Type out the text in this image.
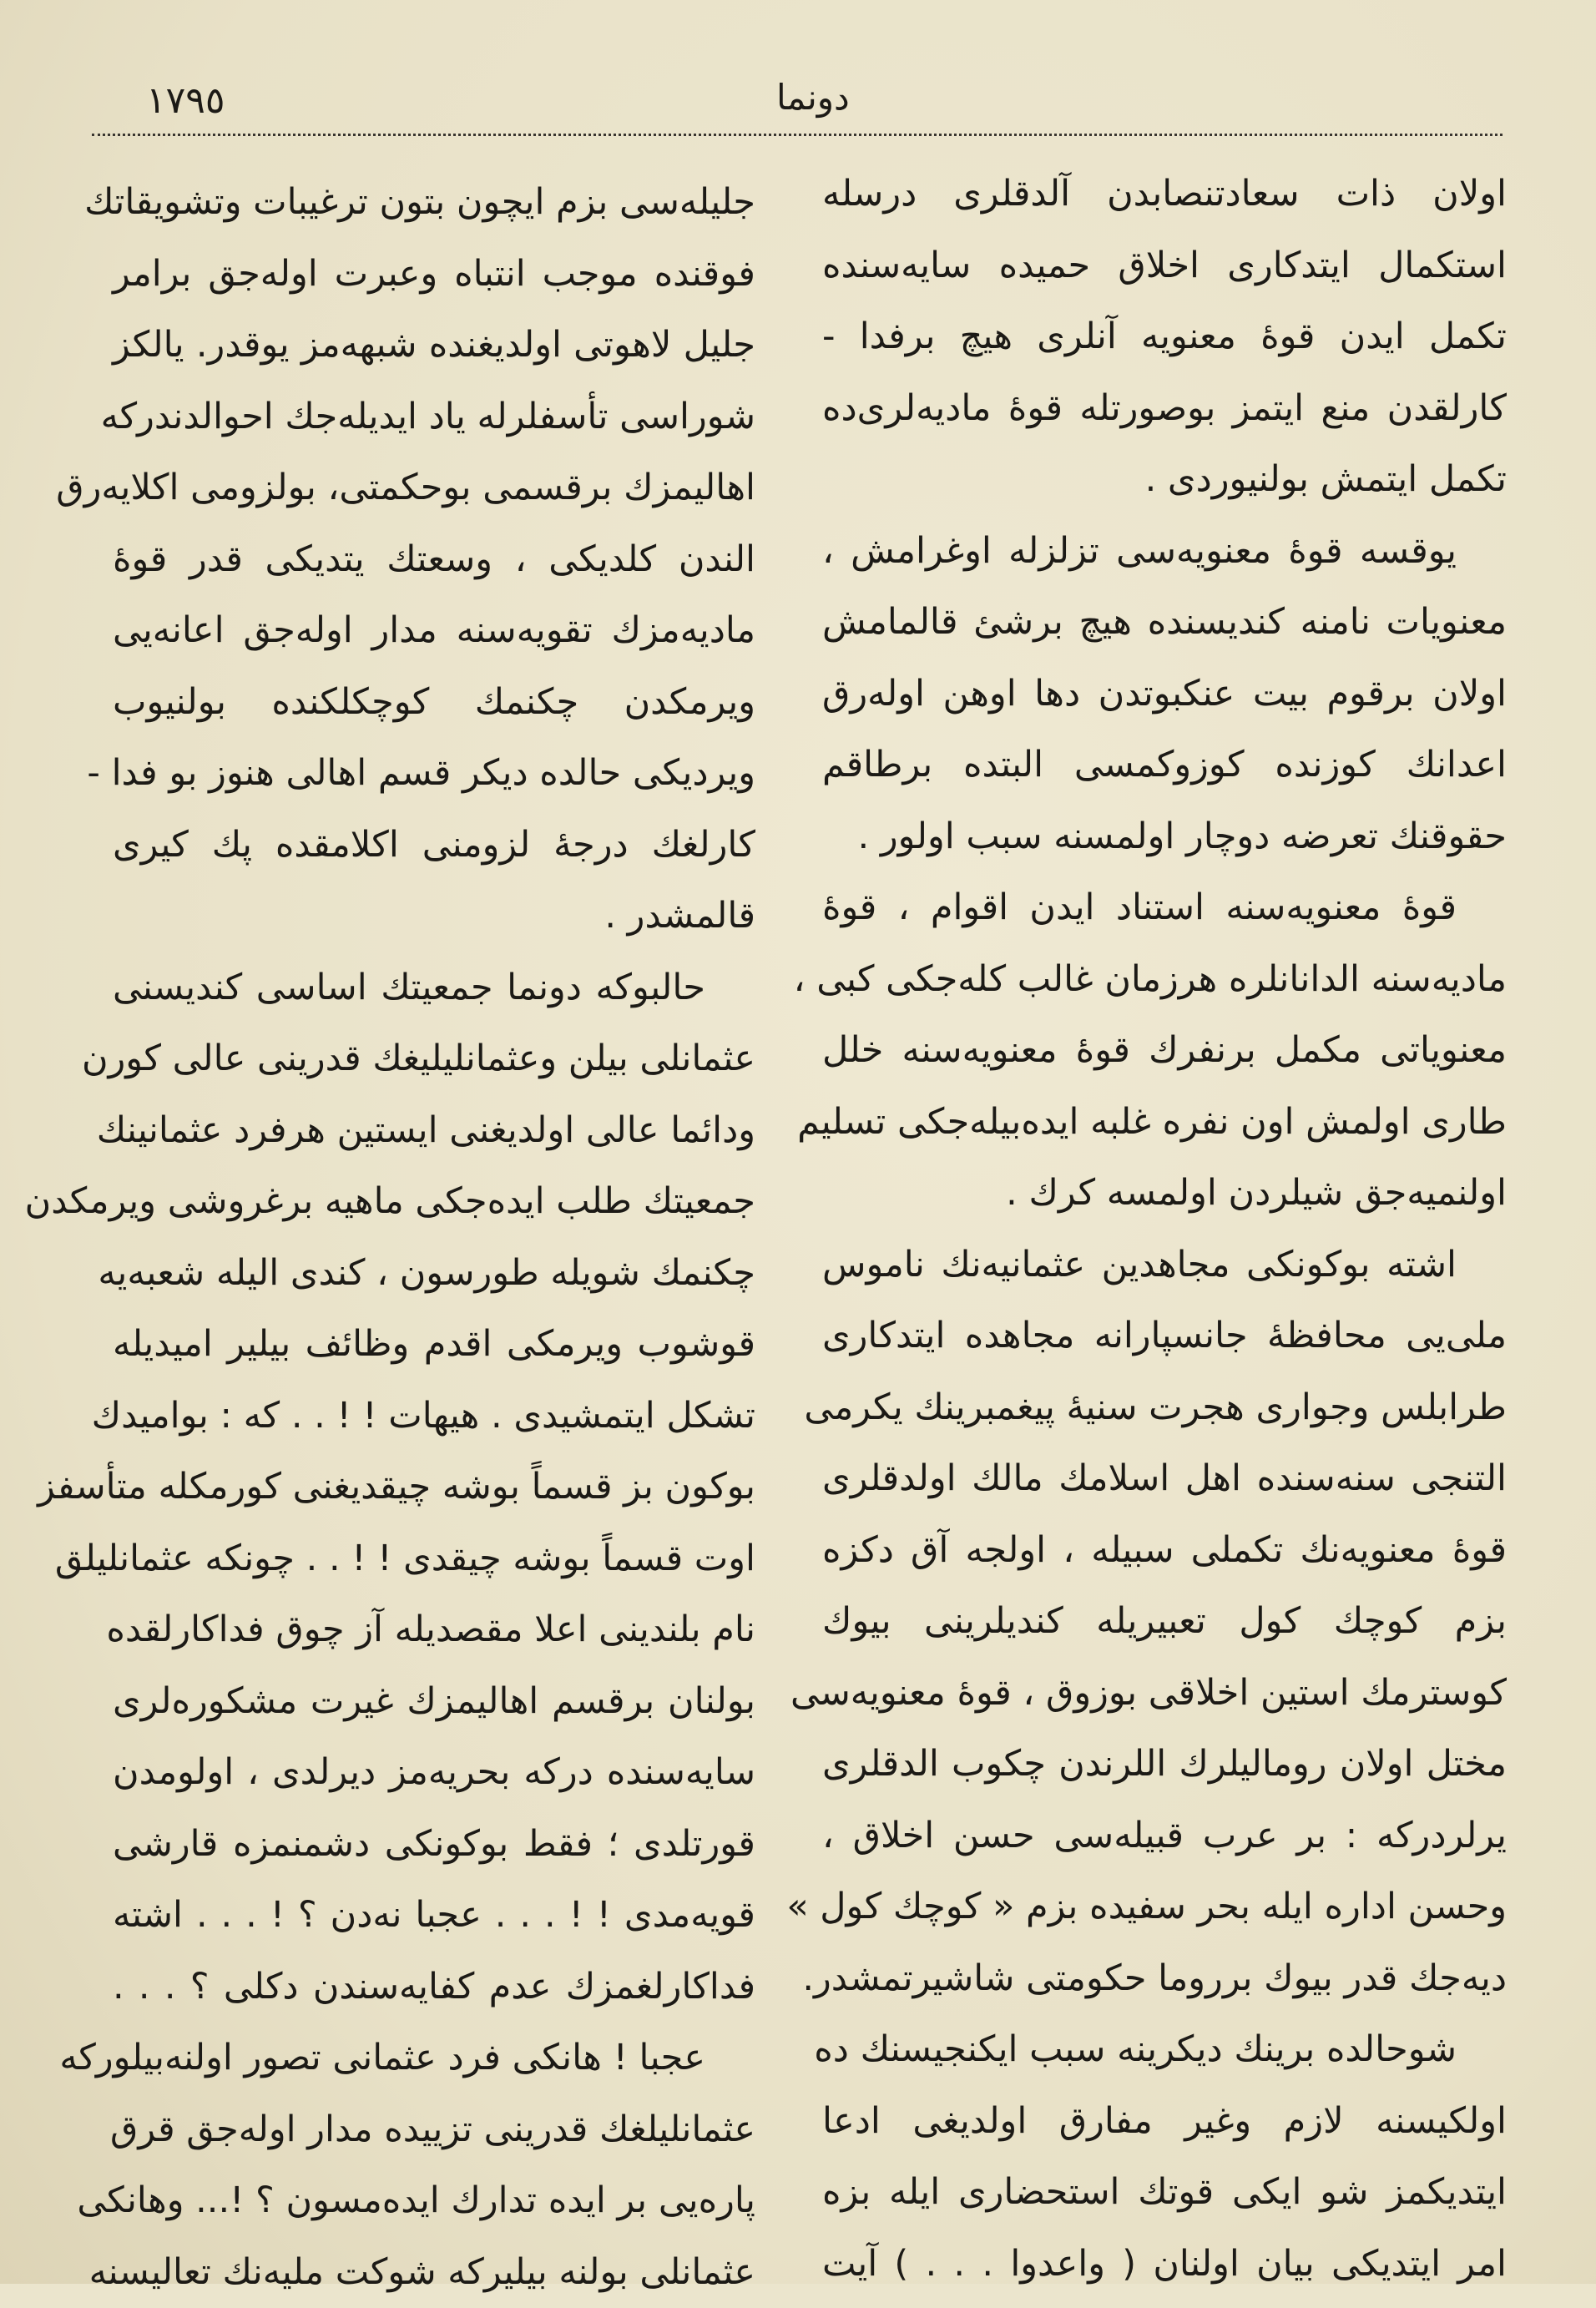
١٧٩٥	دونما
اولان ذات سعادتنصابدن آلدقلری درسله
استکمال ایتدکاری اخلاق حمیده سایه‌سنده
تکمل ایدن قوهٔ معنویه آنلری هیچ برفدا -
کارلقدن منع ایتمز بوصورتله قوهٔ مادیه‌لری‌ده
تکمل ایتمش بولنیوردی .
یوقسه قوهٔ معنویه‌سی تزلزله اوغرامش ،
معنویات نامنه کندیسنده هیچ برشئ قالمامش
اولان برقوم بیت عنکبوتدن دها اوهن اوله‌رق
اعدانك کوزنده کوزوکمسی البتده برطاقم
حقوقنك تعرضه دوچار اولمسنه سبب اولور .
قوهٔ معنویه‌سنه استناد ایدن اقوام ، قوهٔ
مادیه‌سنه الدانانلره هرزمان غالب کله‌جکی کبی ،
معنویاتی مکمل برنفرك قوهٔ معنویه‌سنه خلل
طاری اولمش اون نفره غلبه ایده‌بیله‌جکی تسلیم
اولنمیه‌جق شیلردن اولمسه کرك .
اشته بوکونکی مجاهدین عثمانیه‌نك ناموس
ملی‌یی محافظهٔ جانسپارانه مجاهده ایتدکاری
طرابلس وجواری هجرت سنیهٔ پیغمبرینك یکرمی
التنجی سنه‌سنده اهل اسلامك مالك اولدقلری
قوهٔ معنویه‌نك تکملی سبیله ، اولجه آق دکزه
بزم کوچك کول تعبیریله کندیلرینی بیوك
کوسترمك استین اخلاقی بوزوق ، قوهٔ معنویه‌سی
مختل اولان رومالیلرك اللرندن چکوب الدقلری
یرلردرکه : بر عرب قبیله‌سی حسن اخلاق ،
وحسن اداره ایله بحر سفیده بزم « کوچك کول »
دیه‌جك قدر بیوك برروما حکومتی شاشیرتمشدر.
شوحالده برینك دیکرینه سبب ایکنجیسنك ده
اولکیسنه لازم وغیر مفارق اولدیغی ادعا
ایتدیکمز شو ایکی قوتك استحضاری ایله بزه
امر ایتدیکی بیان اولنان ( واعدوا . . . ) آیت
جلیله‌سی بزم ایچون بتون ترغیبات وتشویقاتك
فوقنده موجب انتباه وعبرت اوله‌جق برامر
جلیل لاهوتی اولدیغنده شبهه‌مز یوقدر. یالکز
شوراسی تأسفلرله یاد ایدیله‌جك احوالدندرکه
اهالیمزك برقسمی بوحکمتی، بولزومی اکلایه‌رق
الندن کلدیکی ، وسعتك یتدیکی قدر قوهٔ
مادیه‌مزك تقویه‌سنه مدار اوله‌جق اعانه‌یی
ویرمکدن چکنمك کوچکلکنده بولنیوب
ویردیکی حالده دیکر قسم اهالی هنوز بو فدا -
کارلغك درجهٔ لزومنی اکلامقده پك کیری
قالمشدر .
حالبوکه دونما جمعیتك اساسی کندیسنی
عثمانلی بیلن وعثمانلیلیغك قدرینی عالی کورن
ودائما عالی اولدیغنی ایستین هرفرد عثمانینك
جمعیتك طلب ایده‌جکی ماهیه برغروشی ویرمکدن
چکنمك شویله طورسون ، کندی الیله شعبه‌یه
قوشوب ویرمکی اقدم وظائف بیلیر امیدیله
تشکل ایتمشیدی . هیهات ! ! . . که : بوامیدك
بوکون بز قسماً بوشه چیقدیغنی کورمکله متأسفز
اوت قسماً بوشه چیقدی ! ! . . چونکه عثمانلیلق
نام بلندینی اعلا مقصدیله آز چوق فداکارلقده
بولنان برقسم اهالیمزك غیرت مشکوره‌لری
سایه‌سنده درکه بحریه‌مز دیرلدی ، اولومدن
قورتلدی ؛ فقط بوکونکی دشمنمزه قارشی
قویه‌مدی ! ! . . . عجبا نه‌دن ؟ ! . . . اشته
فداکارلغمزك عدم کفایه‌سندن دکلی ؟ . . .
عجبا ! هانکی فرد عثمانی تصور اولنه‌بیلورکه
عثمانلیلغك قدرینی تزییده مدار اوله‌جق قرق
پاره‌یی بر ایده تدارك ایده‌مسون ؟ !... وهانکی
عثمانلی بولنه بیلیرکه شوکت ملیه‌نك تعالیسنه
